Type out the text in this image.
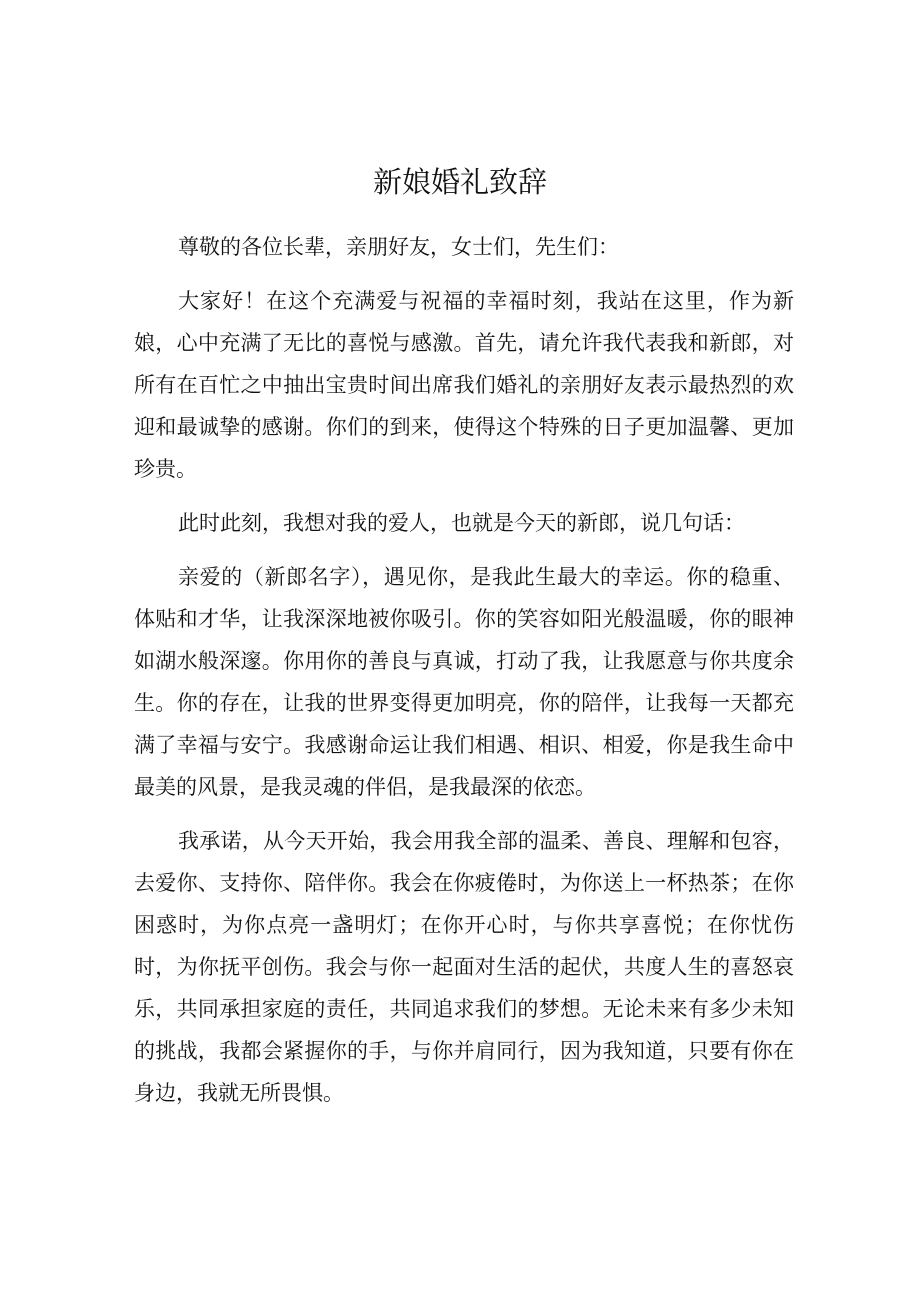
新娘婚礼致辞

尊敬的各位长辈，亲朋好友，女士们，先生们：

大家好！在这个充满爱与祝福的幸福时刻，我站在这里，作为新娘，心中充满了无比的喜悦与感激。首先，请允许我代表我和新郎，对所有在百忙之中抽出宝贵时间出席我们婚礼的亲朋好友表示最热烈的欢迎和最诚挚的感谢。你们的到来，使得这个特殊的日子更加温馨、更加珍贵。

此时此刻，我想对我的爱人，也就是今天的新郎，说几句话：

亲爱的（新郎名字），遇见你，是我此生最大的幸运。你的稳重、体贴和才华，让我深深地被你吸引。你的笑容如阳光般温暖，你的眼神如湖水般深邃。你用你的善良与真诚，打动了我，让我愿意与你共度余生。你的存在，让我的世界变得更加明亮，你的陪伴，让我每一天都充满了幸福与安宁。我感谢命运让我们相遇、相识、相爱，你是我生命中最美的风景，是我灵魂的伴侣，是我最深的依恋。

我承诺，从今天开始，我会用我全部的温柔、善良、理解和包容，去爱你、支持你、陪伴你。我会在你疲倦时，为你送上一杯热茶；在你困惑时，为你点亮一盏明灯；在你开心时，与你共享喜悦；在你忧伤时，为你抚平创伤。我会与你一起面对生活的起伏，共度人生的喜怒哀乐，共同承担家庭的责任，共同追求我们的梦想。无论未来有多少未知的挑战，我都会紧握你的手，与你并肩同行，因为我知道，只要有你在身边，我就无所畏惧。
